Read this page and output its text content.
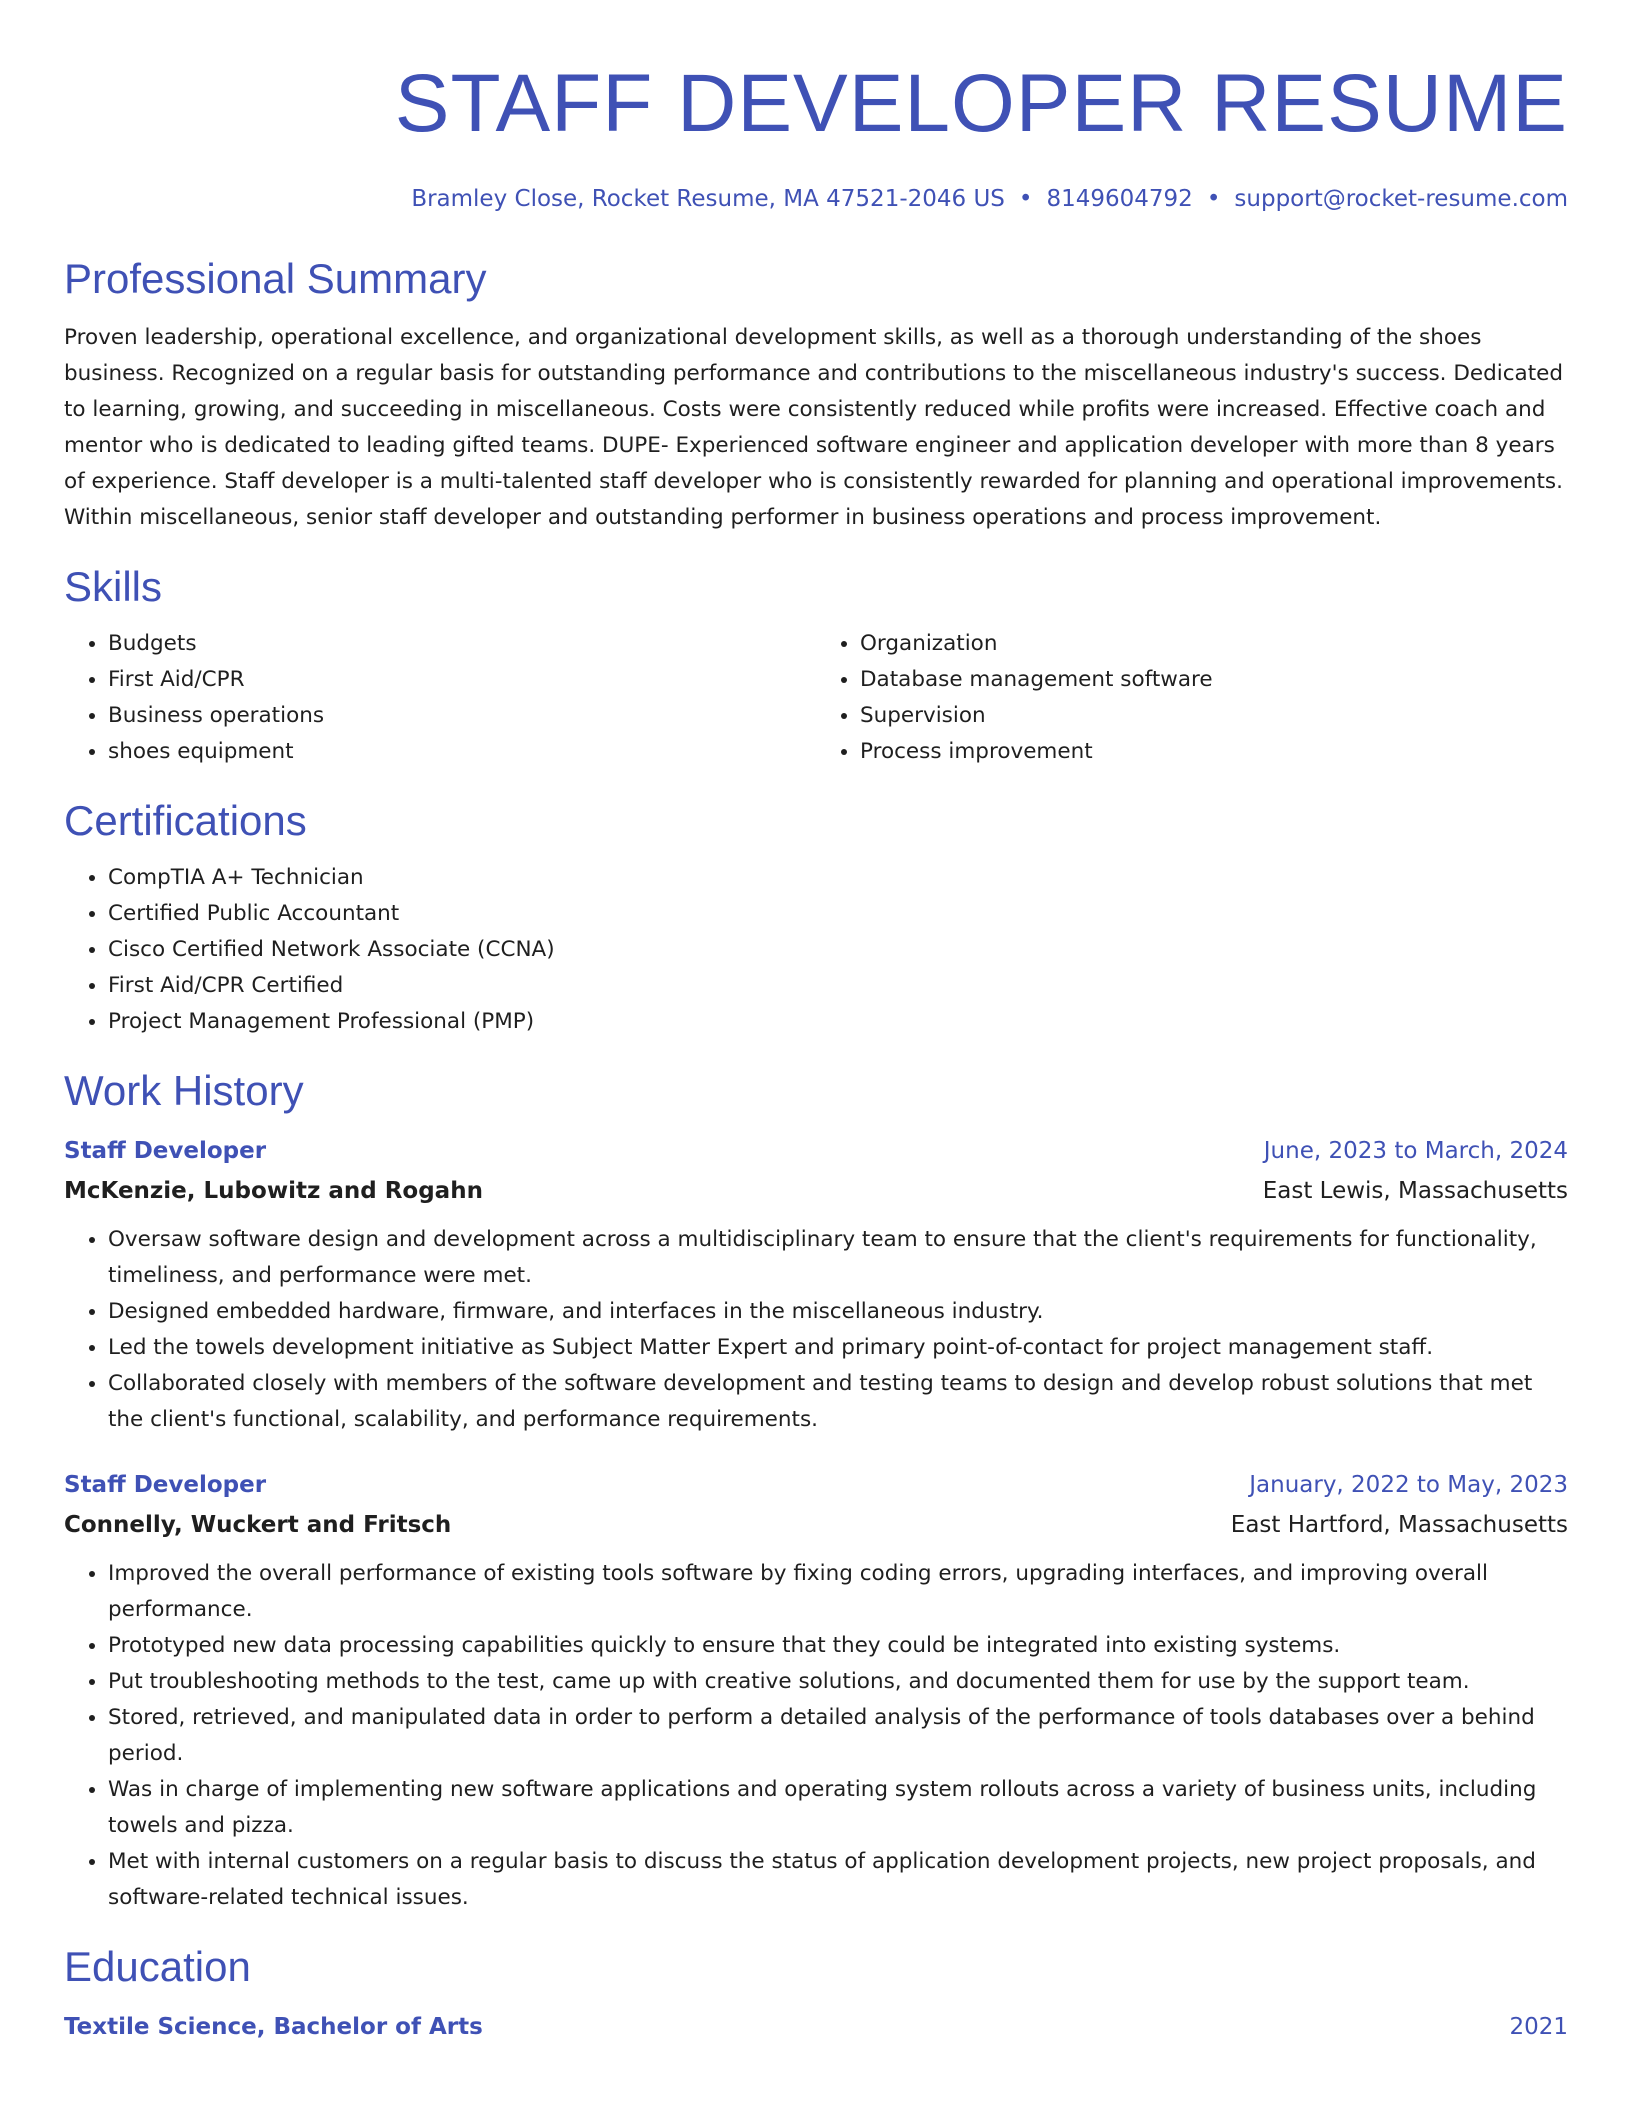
STAFF DEVELOPER RESUME
Bramley Close, Rocket Resume, MA 47521-2046 US • 8149604792 • support@rocket-resume.com
Professional Summary
Proven leadership, operational excellence, and organizational development skills, as well as a thorough understanding of the shoes business. Recognized on a regular basis for outstanding performance and contributions to the miscellaneous industry's success. Dedicated to learning, growing, and succeeding in miscellaneous. Costs were consistently reduced while profits were increased. Effective coach and mentor who is dedicated to leading gifted teams. DUPE- Experienced software engineer and application developer with more than 8 years of experience. Staff developer is a multi-talented staff developer who is consistently rewarded for planning and operational improvements. Within miscellaneous, senior staff developer and outstanding performer in business operations and process improvement.
Skills
• Budgets
• First Aid/CPR
• Business operations
• shoes equipment
• Organization
• Database management software
• Supervision
• Process improvement
Certifications
• CompTIA A+ Technician
• Certified Public Accountant
• Cisco Certified Network Associate (CCNA)
• First Aid/CPR Certified
• Project Management Professional (PMP)
Work History
Staff Developer	June, 2023 to March, 2024
McKenzie, Lubowitz and Rogahn	East Lewis, Massachusetts
• Oversaw software design and development across a multidisciplinary team to ensure that the client's requirements for functionality, timeliness, and performance were met.
• Designed embedded hardware, firmware, and interfaces in the miscellaneous industry.
• Led the towels development initiative as Subject Matter Expert and primary point-of-contact for project management staff.
• Collaborated closely with members of the software development and testing teams to design and develop robust solutions that met the client's functional, scalability, and performance requirements.
Staff Developer	January, 2022 to May, 2023
Connelly, Wuckert and Fritsch	East Hartford, Massachusetts
• Improved the overall performance of existing tools software by fixing coding errors, upgrading interfaces, and improving overall performance.
• Prototyped new data processing capabilities quickly to ensure that they could be integrated into existing systems.
• Put troubleshooting methods to the test, came up with creative solutions, and documented them for use by the support team.
• Stored, retrieved, and manipulated data in order to perform a detailed analysis of the performance of tools databases over a behind period.
• Was in charge of implementing new software applications and operating system rollouts across a variety of business units, including towels and pizza.
• Met with internal customers on a regular basis to discuss the status of application development projects, new project proposals, and software-related technical issues.
Education
Textile Science, Bachelor of Arts	2021
